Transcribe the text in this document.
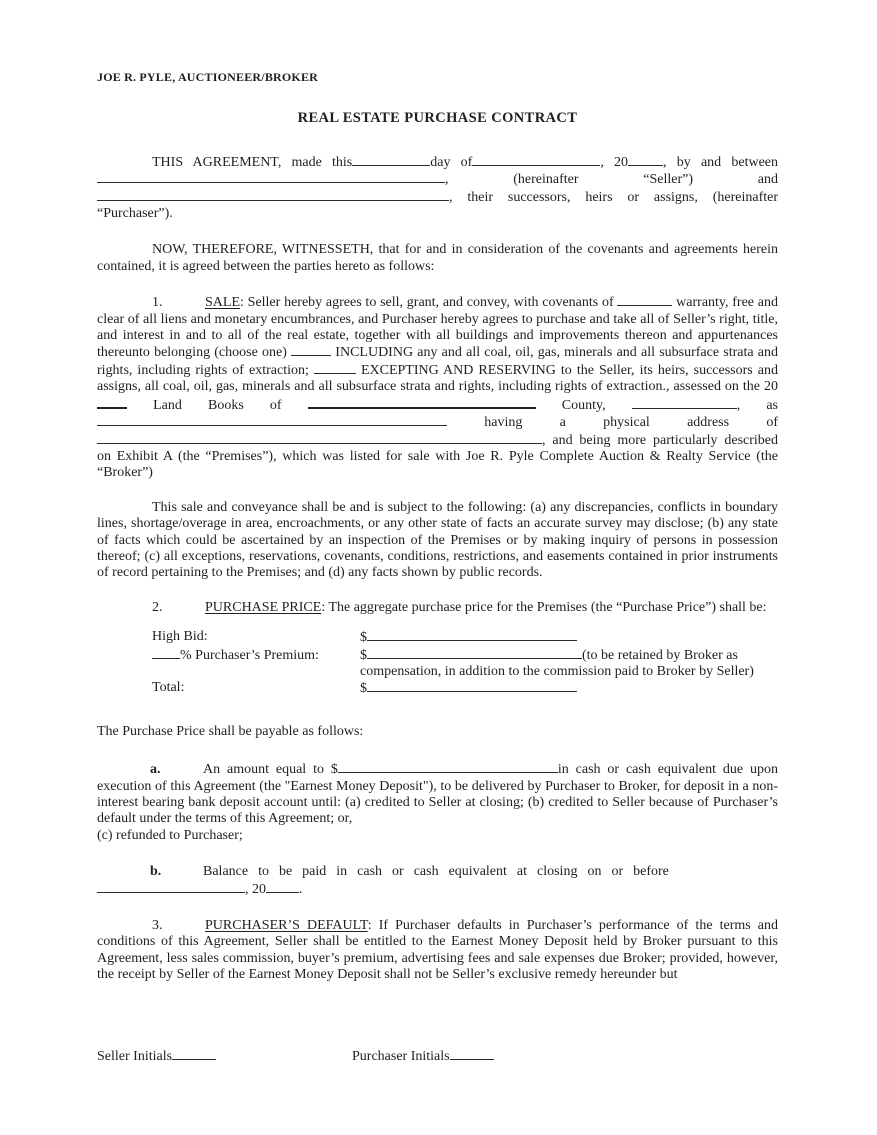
JOE R. PYLE, AUCTIONEER/BROKER
REAL ESTATE PURCHASE CONTRACT

THIS AGREEMENT, made this	day of	, 20	, by and between , (hereinafter “Seller”) and , their successors, heirs or assigns, (hereinafter “Purchaser”).

NOW, THEREFORE, WITNESSETH, that for and in consideration of the covenants and agreements herein contained, it is agreed between the parties hereto as follows:

1.	SALE: Seller hereby agrees to sell, grant, and convey, with covenants of	warranty, free and clear of all liens and monetary encumbrances, and Purchaser hereby agrees to purchase and take all of Seller’s right, title, and interest in and to all of the real estate, together with all buildings and improvements thereon and appurtenances thereunto belonging (choose one)	INCLUDING any and all coal, oil, gas, minerals and all subsurface strata and rights, including rights of extraction;	EXCEPTING AND RESERVING to the Seller, its heirs, successors and assigns, all coal, oil, gas, minerals and all subsurface strata and rights, including rights of extraction., assessed on the 20 Land Books of	County,	, as having a physical address of, and being more particularly described on Exhibit A (the “Premises”), which was listed for sale with Joe R. Pyle Complete Auction & Realty Service (the “Broker”)

This sale and conveyance shall be and is subject to the following: (a) any discrepancies, conflicts in boundary lines, shortage/overage in area, encroachments, or any other state of facts an accurate survey may disclose; (b) any state of facts which could be ascertained by an inspection of the Premises or by making inquiry of persons in possession thereof; (c) all exceptions, reservations, covenants, conditions, restrictions, and easements contained in prior instruments of record pertaining to the Premises; and (d) any facts shown by public records.

2.	PURCHASE PRICE: The aggregate purchase price for the Premises (the “Purchase Price”) shall be:

High Bid:	$
% Purchaser’s Premium:	$	(to be retained by Broker as compensation, in addition to the commission paid to Broker by Seller)
Total:	$

The Purchase Price shall be payable as follows:

a.	An amount equal to $	in cash or cash equivalent due upon execution of this Agreement (the "Earnest Money Deposit"), to be delivered by Purchaser to Broker, for deposit in a non-interest bearing bank deposit account until: (a) credited to Seller at closing; (b) credited to Seller because of Purchaser’s default under the terms of this Agreement; or,
(c) refunded to Purchaser;

b.	Balance to be paid in cash or cash equivalent at closing on or before
, 20 .

3.	PURCHASER’S DEFAULT: If Purchaser defaults in Purchaser’s performance of the terms and conditions of this Agreement, Seller shall be entitled to the Earnest Money Deposit held by Broker pursuant to this Agreement, less sales commission, buyer’s premium, advertising fees and sale expenses due Broker; provided, however, the receipt by Seller of the Earnest Money Deposit shall not be Seller’s exclusive remedy hereunder but

Seller Initials	Purchaser Initials
